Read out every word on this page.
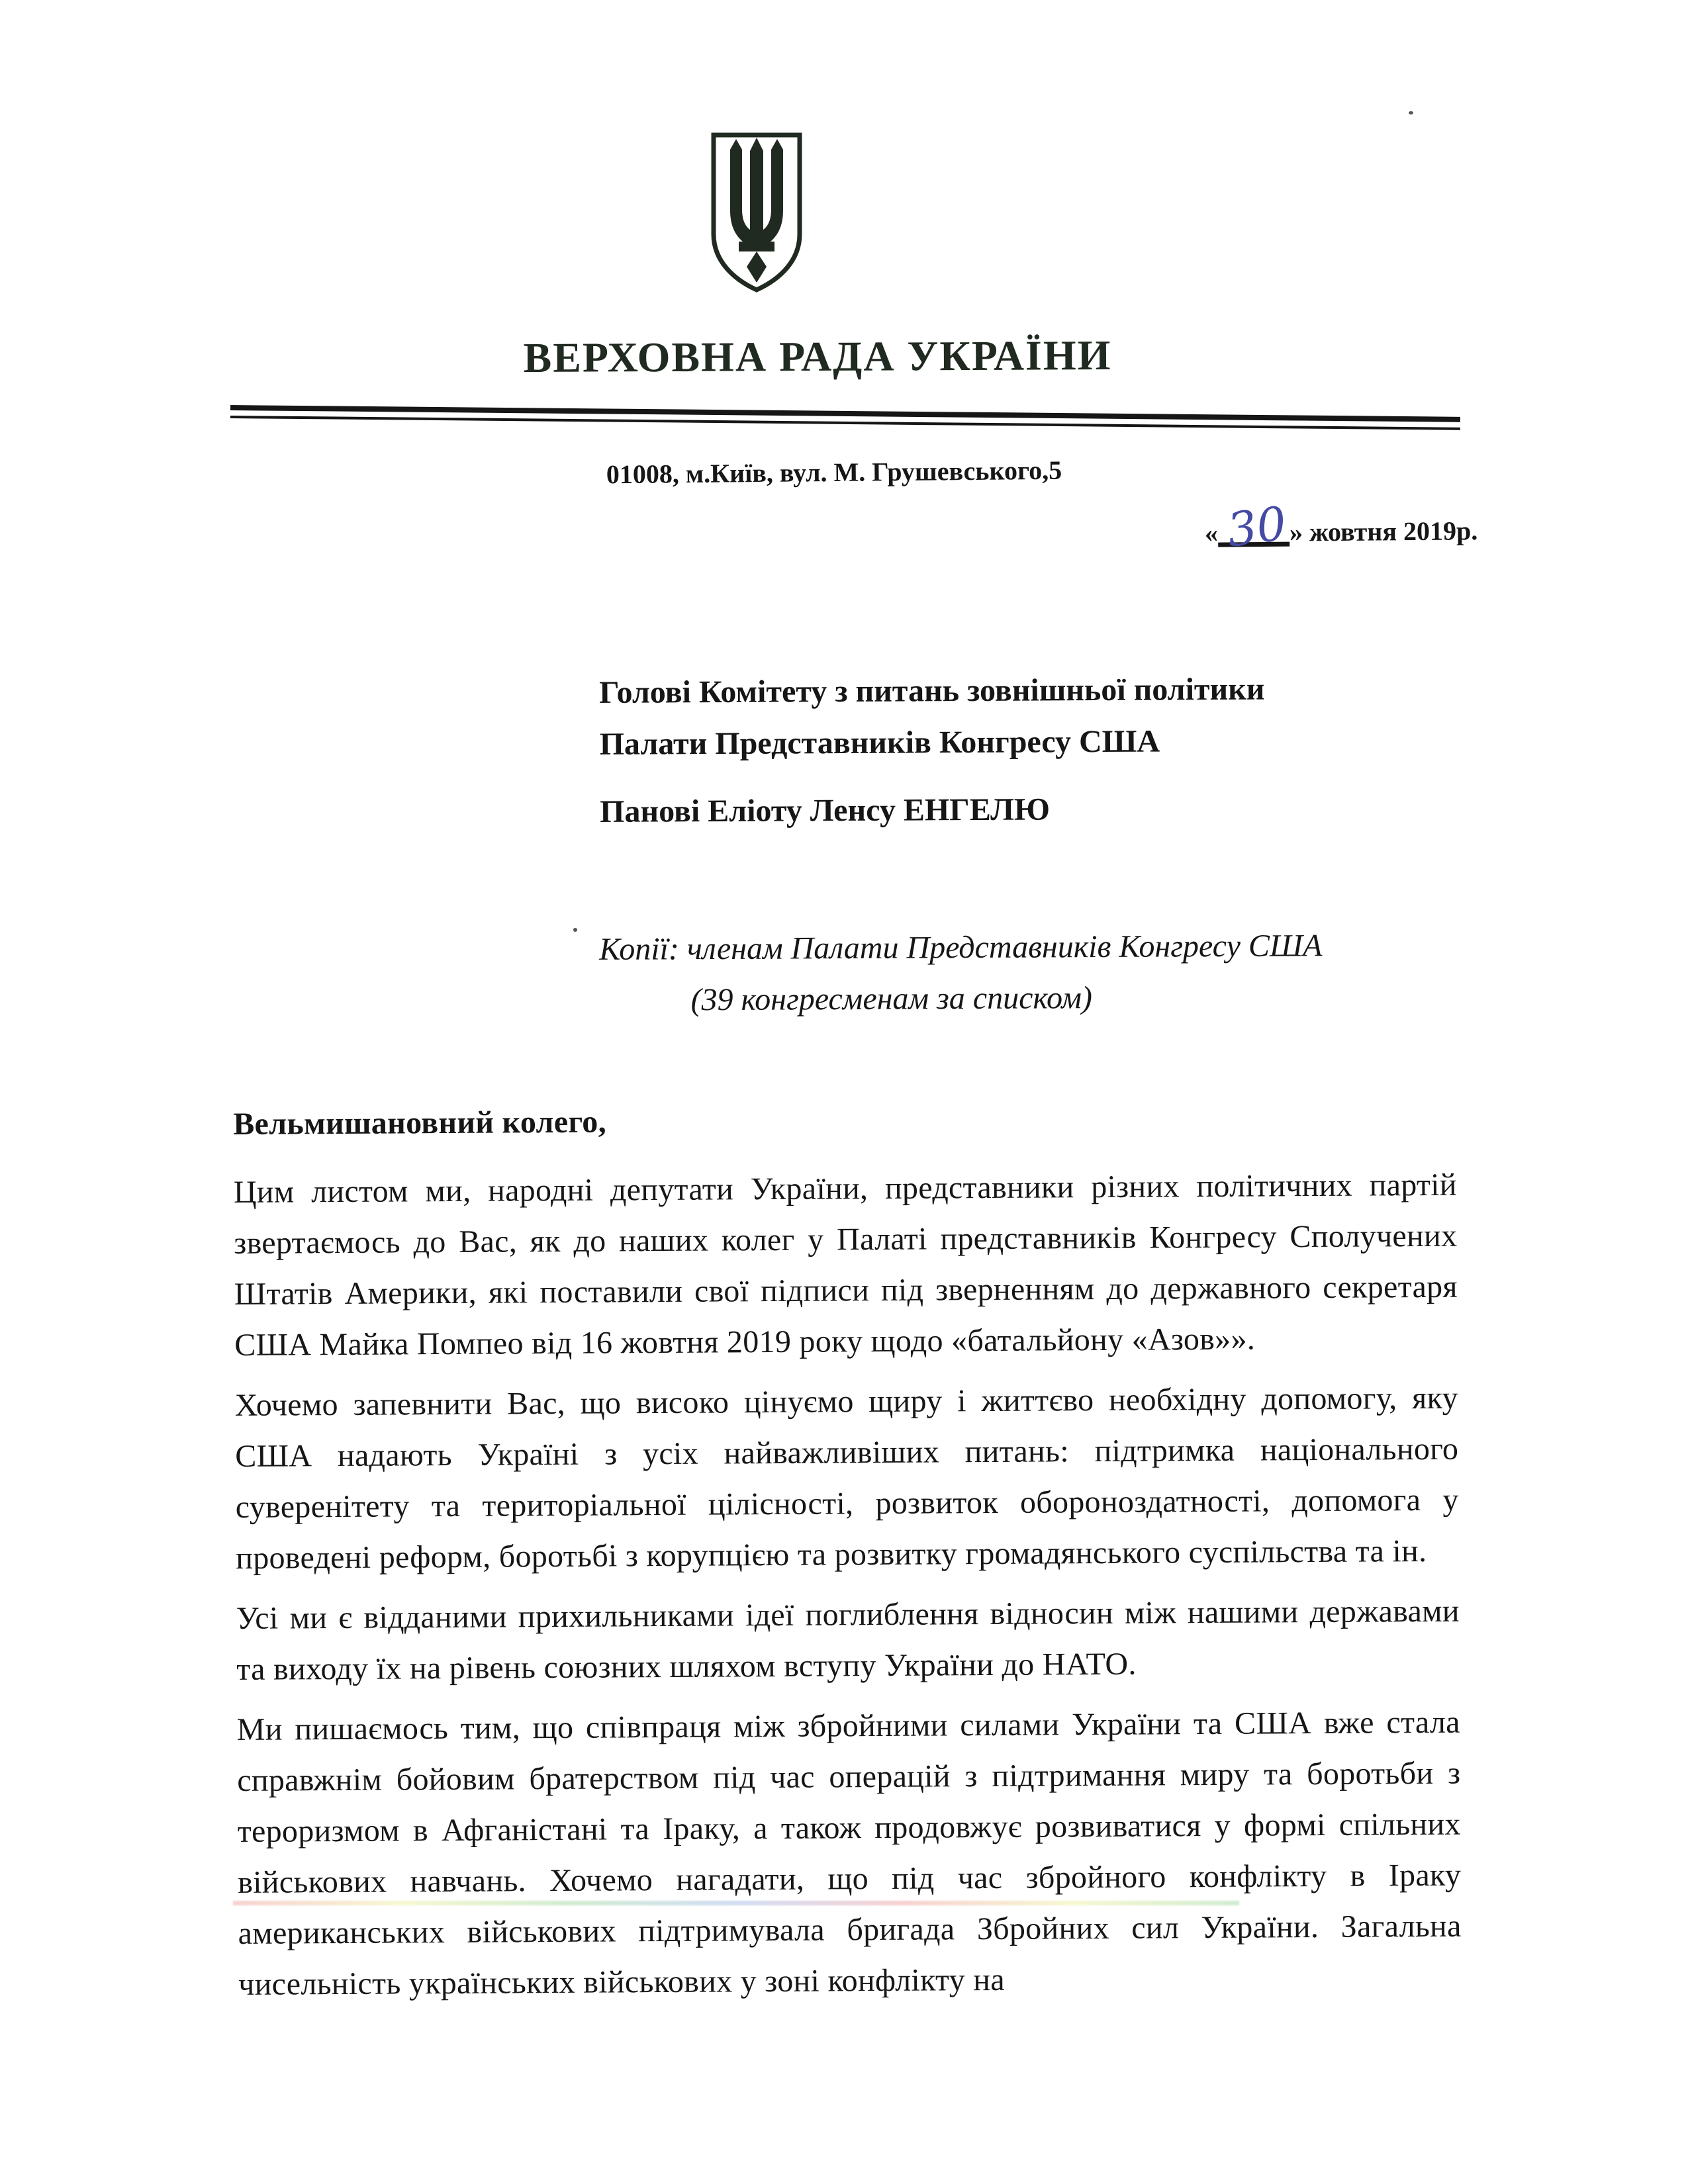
ВЕРХОВНА РАДА УКРАЇНИ
01008, м.Київ, вул. М. Грушевського,5
« 30 » жовтня 2019р.
Голові Комітету з питань зовнішньої політики
Палати Представників Конгресу США
Панові Еліоту Ленсу ЕНГЕЛЮ
Копії: членам Палати Представників Конгресу США
(39 конгресменам за списком)
Вельмишановний колего,

Цим листом ми, народні депутати України, представники різних політичних партій звертаємось до Вас, як до наших колег у Палаті представників Конгресу Сполучених Штатів Америки, які поставили свої підписи під зверненням до державного секретаря США Майка Помпео від 16 жовтня 2019 року щодо «батальйону «Азов»».

Хочемо запевнити Вас, що високо цінуємо щиру і життєво необхідну допомогу, яку США надають Україні з усіх найважливіших питань: підтримка національного суверенітету та територіальної цілісності, розвиток обороноздатності, допомога у проведені реформ, боротьбі з корупцією та розвитку громадянського суспільства та ін.

Усі ми є відданими прихильниками ідеї поглиблення відносин між нашими державами та виходу їх на рівень союзних шляхом вступу України до НАТО.

Ми пишаємось тим, що співпраця між збройними силами України та США вже стала справжнім бойовим братерством під час операцій з підтримання миру та боротьби з тероризмом в Афганістані та Іраку, а також продовжує розвиватися у формі спільних військових навчань. Хочемо нагадати, що під час збройного конфлікту в Іраку американських військових підтримувала бригада Збройних сил України. Загальна чисельність українських військових у зоні конфлікту на
